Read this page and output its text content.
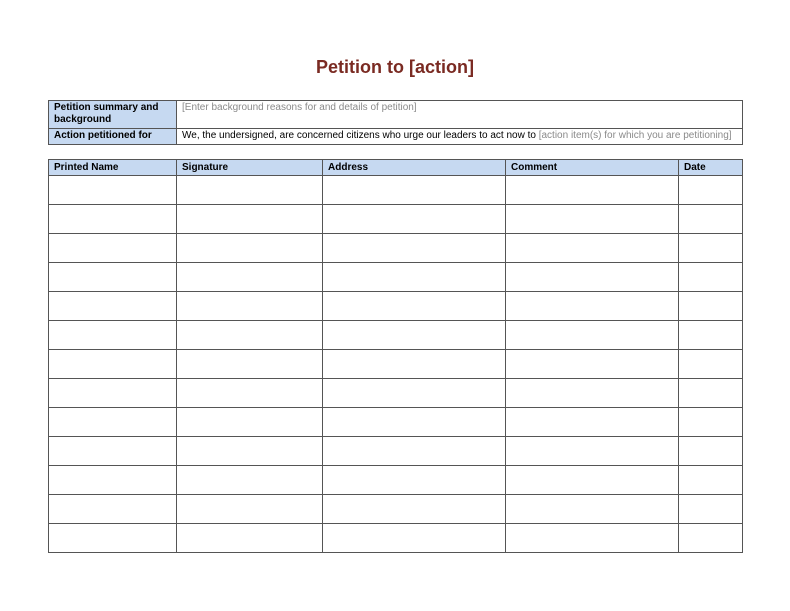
Petition to [action]
Petition summary and background	[Enter background reasons for and details of petition]
Action petitioned for	We, the undersigned, are concerned citizens who urge our leaders to act now to [action item(s) for which you are petitioning]
Printed Name	Signature	Address	Comment	Date
